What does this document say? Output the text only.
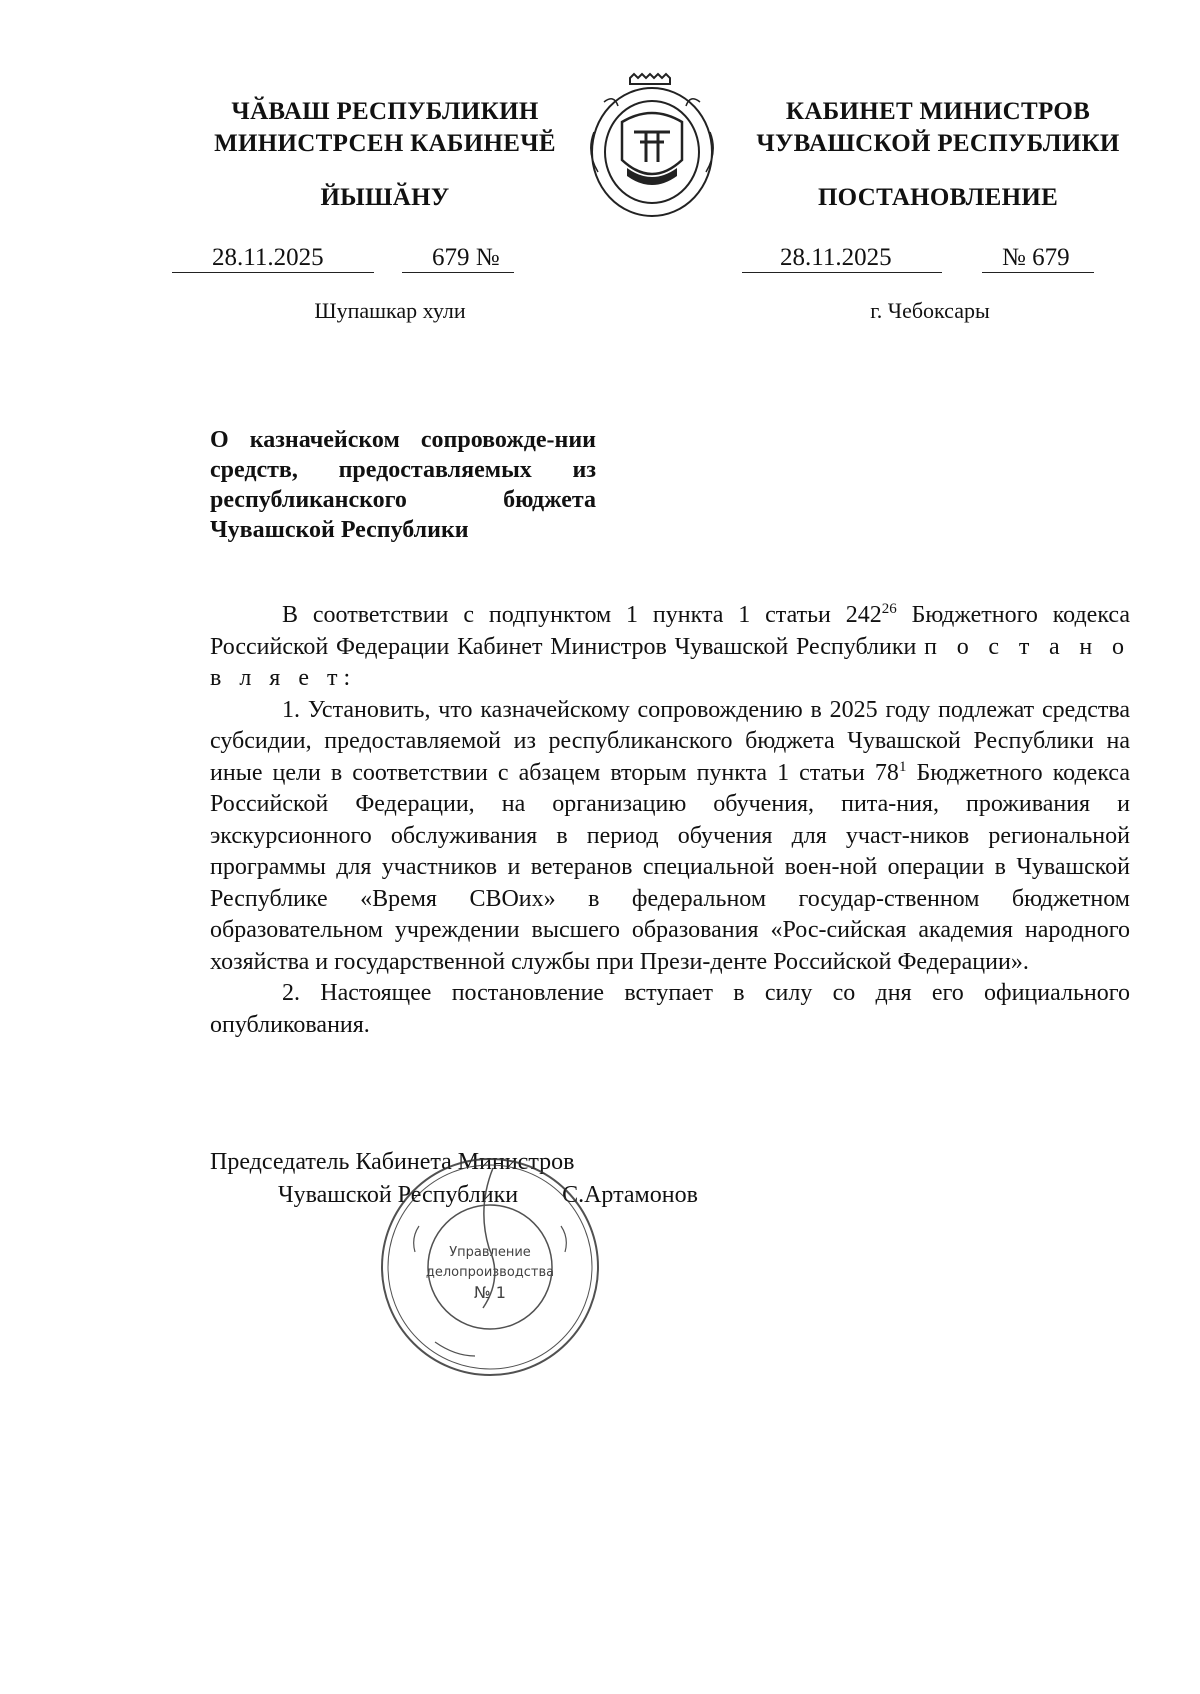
ЧӐВАШ РЕСПУБЛИКИН
МИНИСТРСЕН КАБИНЕЧӖ
ЙЫШӐНУ
КАБИНЕТ МИНИСТРОВ
ЧУВАШСКОЙ РЕСПУБЛИКИ
ПОСТАНОВЛЕНИЕ
28.11.2025	679 №
Шупашкар хули
28.11.2025	№ 679
г. Чебоксары
О казначейском сопровожде-нии средств, предоставляемых из республиканского бюджета Чувашской Республики

В соответствии с подпунктом 1 пункта 1 статьи $242^{26}$ Бюджетного кодекса Российской Федерации Кабинет Министров Чувашской Республики п о с т а н о в л я е т:

1. Установить, что казначейскому сопровождению в 2025 году подлежат средства субсидии, предоставляемой из республиканского бюджета Чувашской Республики на иные цели в соответствии с абзацем вторым пункта 1 статьи $78^1$ Бюджетного кодекса Российской Федерации, на организацию обучения, пита-ния, проживания и экскурсионного обслуживания в период обучения для участ-ников региональной программы для участников и ветеранов специальной воен-ной операции в Чувашской Республике «Время СВОих» в федеральном государ-ственном бюджетном образовательном учреждении высшего образования «Рос-сийская академия народного хозяйства и государственной службы при Прези-денте Российской Федерации».

2. Настоящее постановление вступает в силу со дня его официального опубликования.

Председатель Кабинета Министров
Чувашской Республики С.Артамонов
Управление
делопроизводства
№ 1
